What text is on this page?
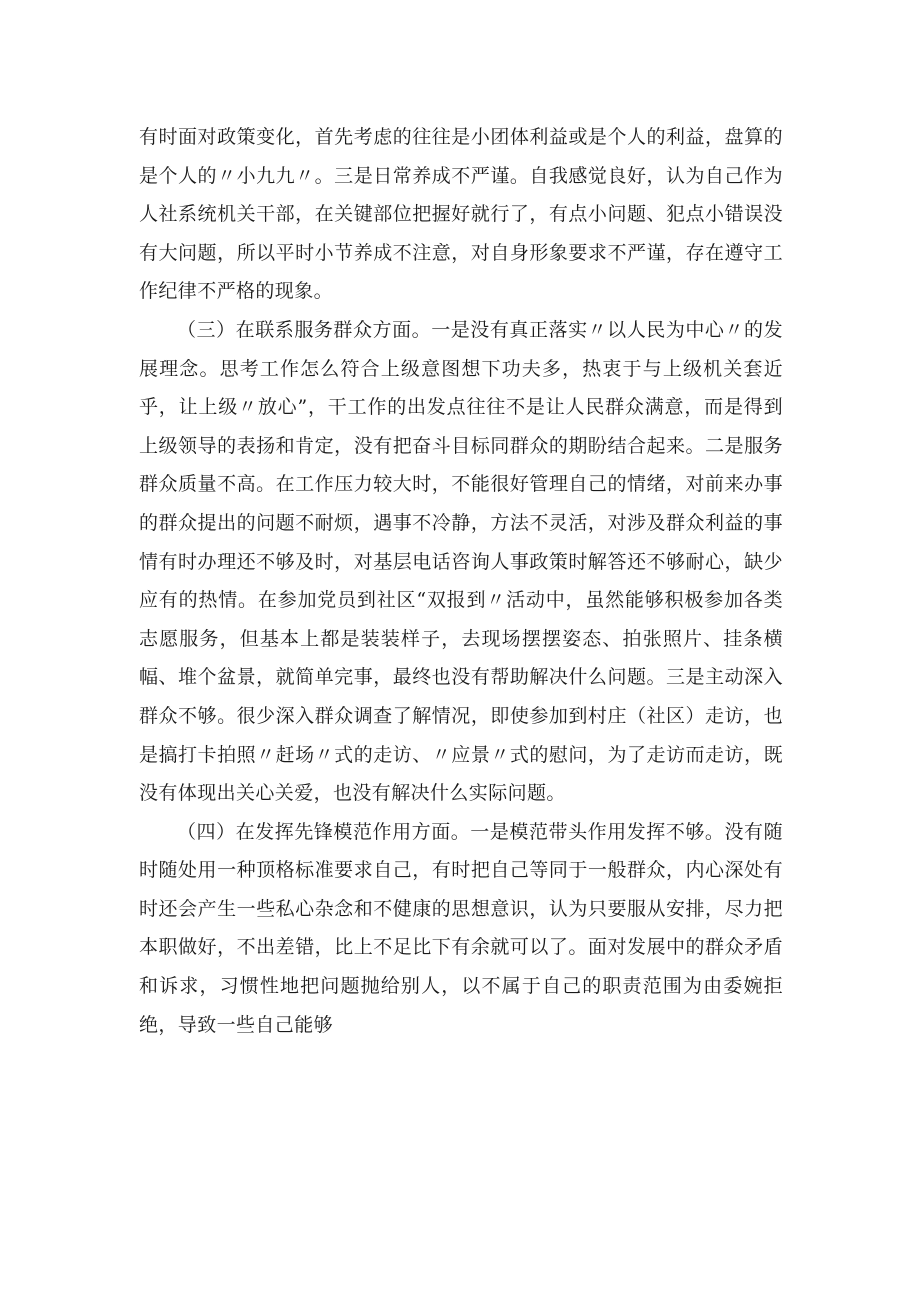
有时面对政策变化，首先考虑的往往是小团体利益或是个人的利益，盘算的是个人的〃小九九〃。三是日常养成不严谨。自我感觉良好，认为自己作为人社系统机关干部，在关键部位把握好就行了，有点小问题、犯点小错误没有大问题，所以平时小节养成不注意，对自身形象要求不严谨，存在遵守工作纪律不严格的现象。

（三）在联系服务群众方面。一是没有真正落实〃以人民为中心〃的发展理念。思考工作怎么符合上级意图想下功夫多，热衷于与上级机关套近乎，让上级〃放心”，干工作的出发点往往不是让人民群众满意，而是得到上级领导的表扬和肯定，没有把奋斗目标同群众的期盼结合起来。二是服务群众质量不高。在工作压力较大时，不能很好管理自己的情绪，对前来办事的群众提出的问题不耐烦，遇事不冷静，方法不灵活，对涉及群众利益的事情有时办理还不够及时，对基层电话咨询人事政策时解答还不够耐心，缺少应有的热情。在参加党员到社区“双报到〃活动中，虽然能够积极参加各类志愿服务，但基本上都是装装样子，去现场摆摆姿态、拍张照片、挂条横幅、堆个盆景，就简单完事，最终也没有帮助解决什么问题。三是主动深入群众不够。很少深入群众调查了解情况，即使参加到村庄（社区）走访，也是搞打卡拍照〃赶场〃式的走访、〃应景〃式的慰问，为了走访而走访，既没有体现出关心关爱，也没有解决什么实际问题。

（四）在发挥先锋模范作用方面。一是模范带头作用发挥不够。没有随时随处用一种顶格标准要求自己，有时把自己等同于一般群众，内心深处有时还会产生一些私心杂念和不健康的思想意识，认为只要服从安排，尽力把本职做好，不出差错，比上不足比下有余就可以了。面对发展中的群众矛盾和诉求，习惯性地把问题抛给别人，以不属于自己的职责范围为由委婉拒绝，导致一些自己能够
